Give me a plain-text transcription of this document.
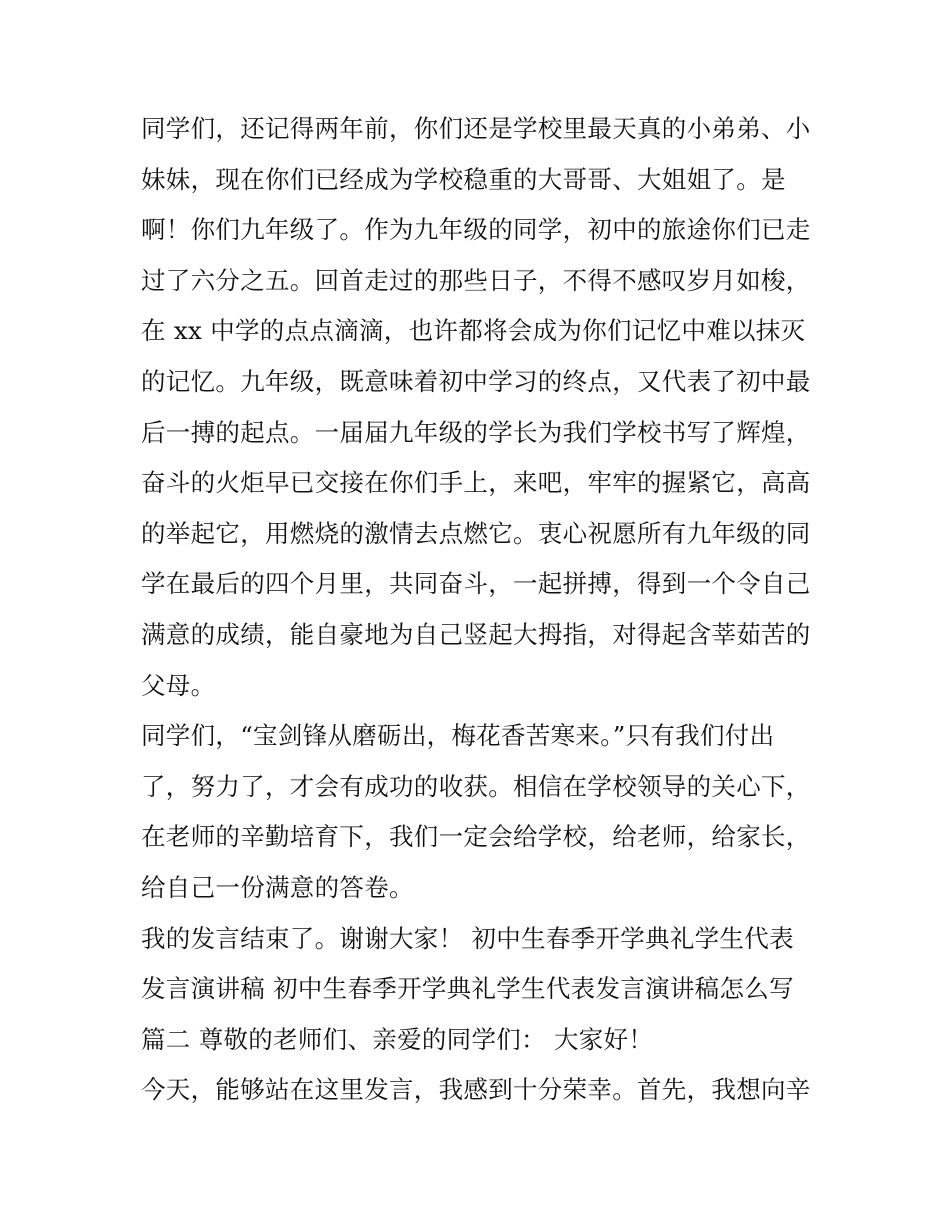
同学们，还记得两年前，你们还是学校里最天真的小弟弟、小
妹妹，现在你们已经成为学校稳重的大哥哥、大姐姐了。是
啊！你们九年级了。作为九年级的同学，初中的旅途你们已走
过了六分之五。回首走过的那些日子，不得不感叹岁月如梭，
在 xx 中学的点点滴滴，也许都将会成为你们记忆中难以抹灭
的记忆。九年级，既意味着初中学习的终点，又代表了初中最
后一搏的起点。一届届九年级的学长为我们学校书写了辉煌，
奋斗的火炬早已交接在你们手上，来吧，牢牢的握紧它，高高
的举起它，用燃烧的激情去点燃它。衷心祝愿所有九年级的同
学在最后的四个月里，共同奋斗，一起拼搏，得到一个令自己
满意的成绩，能自豪地为自己竖起大拇指，对得起含莘茹苦的
父母。
同学们，“宝剑锋从磨砺出，梅花香苦寒来。”只有我们付出
了，努力了，才会有成功的收获。相信在学校领导的关心下，
在老师的辛勤培育下，我们一定会给学校，给老师，给家长，
给自己一份满意的答卷。
我的发言结束了。谢谢大家！ 初中生春季开学典礼学生代表
发言演讲稿 初中生春季开学典礼学生代表发言演讲稿怎么写
篇二 尊敬的老师们、亲爱的同学们： 大家好！
今天，能够站在这里发言，我感到十分荣幸。首先，我想向辛
